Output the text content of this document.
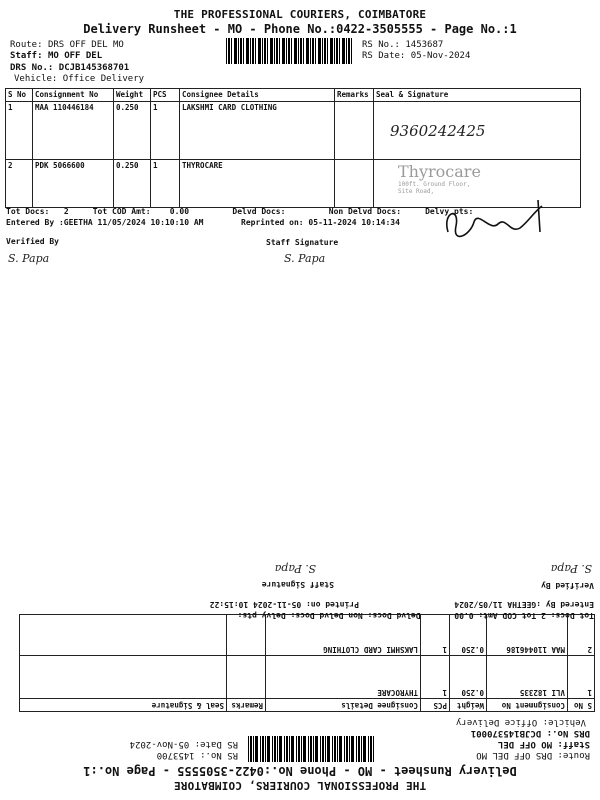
THE PROFESSIONAL COURIERS, COIMBATORE
Delivery Runsheet - MO - Phone No.:0422-3505555 - Page No.:1
Route: DRS OFF DEL MO
Staff: MO OFF DEL
DRS No.: DCJB145368701
Vehicle: Office Delivery
RS No.: 1453687
RS Date: 05-Nov-2024
S No	Consignment No	Weight	PCS	Consignee Details	Remarks	Seal & Signature
1	MAA 110446184	0.250	1	LAKSHMI CARD CLOTHING		9360242425
2	PDK 5066600	0.250	1	THYROCARE			Thyrocare
100ft. Ground Floor,
Site Road,
Tot Docs: 2	Tot COD Amt: 0.00	Delvd Docs:	Non Delvd Docs:	Delvy pts:
Entered By :GEETHA 11/05/2024 10:10:10 AM	Reprinted on: 05-11-2024 10:14:34
Verified By	Staff Signature
S. Papa	S. Papa
THE PROFESSIONAL COURIERS, COIMBATORE
Delivery Runsheet - MO - Phone No.:0422-3505555 - Page No.:1
Route: DRS OFF DEL MO
Staff: MO OFF DEL
DRS No.: DCJB145370001
Vehicle: Office Delivery
RS No.: 1453700
RS Date: 05-Nov-2024
S No	Consignment No	Weight	PCS	Consignee Details	Remarks	Seal & Signature
1	VLI 182335	0.250	1	THYROCARE		
2	MAA 110446186	0.250	1	LAKSHMI CARD CLOTHING		
Tot Docs: 2 Tot COD Amt: 0.00       Delvd Docs: Non Delvd Docs: Delvy pts:
Entered By :GEETHA 11/05/2024
Printed on: 05-11-2024 10:15:22
Verified By
Staff Signature
S. Papa
S. Papa
